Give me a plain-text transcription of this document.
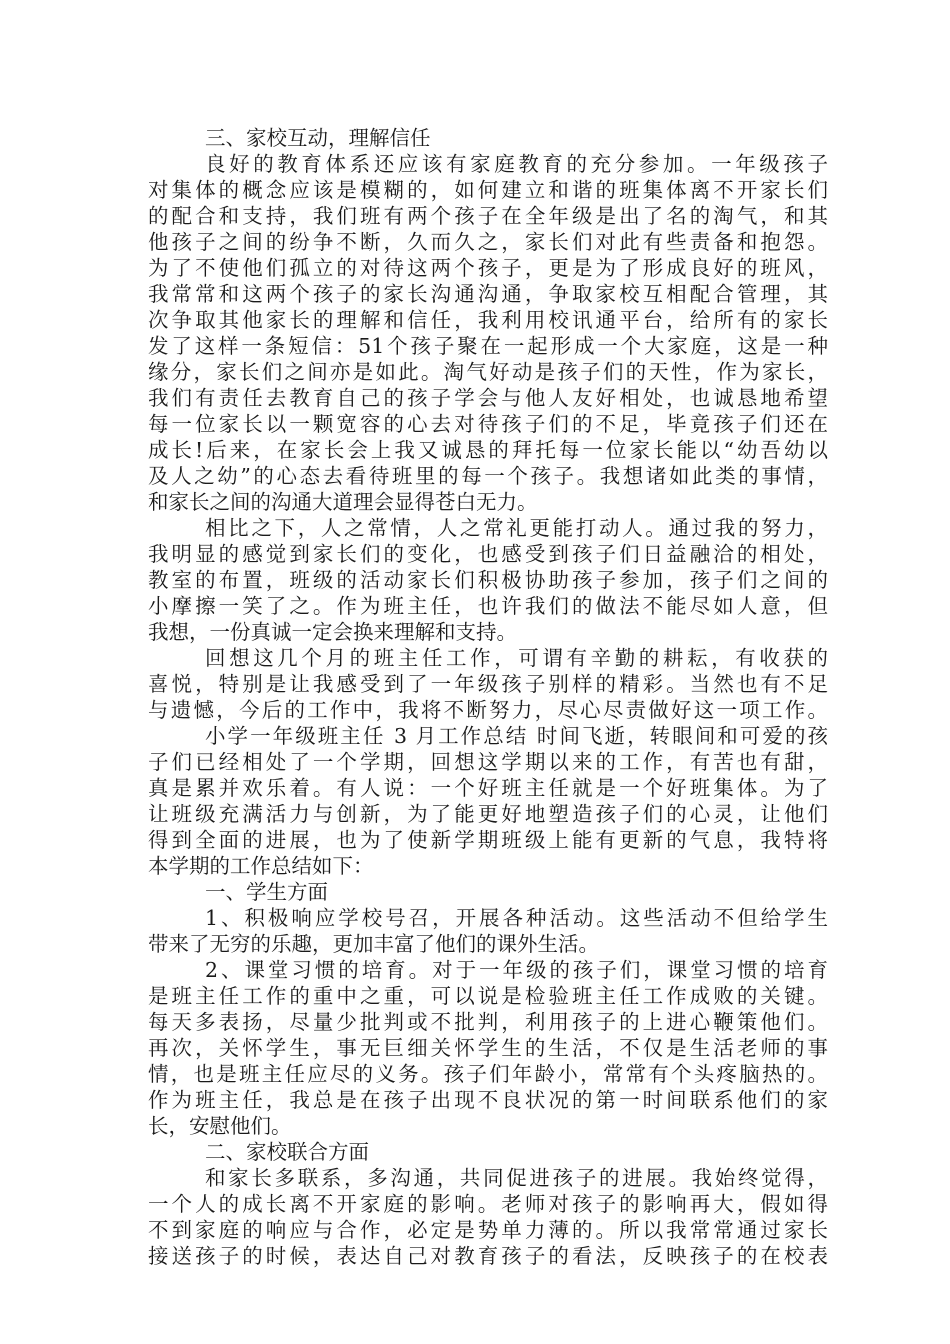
三、家校互动，理解信任
良好的教育体系还应该有家庭教育的充分参加。一年级孩子
对集体的概念应该是模糊的，如何建立和谐的班集体离不开家长们
的配合和支持，我们班有两个孩子在全年级是出了名的淘气，和其
他孩子之间的纷争不断，久而久之，家长们对此有些责备和抱怨。
为了不使他们孤立的对待这两个孩子，更是为了形成良好的班风，
我常常和这两个孩子的家长沟通沟通，争取家校互相配合管理，其
次争取其他家长的理解和信任，我利用校讯通平台，给所有的家长
发了这样一条短信：51个孩子聚在一起形成一个大家庭，这是一种
缘分，家长们之间亦是如此。淘气好动是孩子们的天性，作为家长，
我们有责任去教育自己的孩子学会与他人友好相处，也诚恳地希望
每一位家长以一颗宽容的心去对待孩子们的不足，毕竟孩子们还在
成长!后来，在家长会上我又诚恳的拜托每一位家长能以“幼吾幼以
及人之幼”的心态去看待班里的每一个孩子。我想诸如此类的事情，
和家长之间的沟通大道理会显得苍白无力。
相比之下，人之常情，人之常礼更能打动人。通过我的努力，
我明显的感觉到家长们的变化，也感受到孩子们日益融洽的相处，
教室的布置，班级的活动家长们积极协助孩子参加，孩子们之间的
小摩擦一笑了之。作为班主任，也许我们的做法不能尽如人意，但
我想，一份真诚一定会换来理解和支持。
回想这几个月的班主任工作，可谓有辛勤的耕耘，有收获的
喜悦，特别是让我感受到了一年级孩子别样的精彩。当然也有不足
与遗憾，今后的工作中，我将不断努力，尽心尽责做好这一项工作。
小学一年级班主任 3 月工作总结 时间飞逝，转眼间和可爱的孩
子们已经相处了一个学期，回想这学期以来的工作，有苦也有甜，
真是累并欢乐着。有人说：一个好班主任就是一个好班集体。为了
让班级充满活力与创新，为了能更好地塑造孩子们的心灵，让他们
得到全面的进展，也为了使新学期班级上能有更新的气息，我特将
本学期的工作总结如下：
一、学生方面
1、积极响应学校号召，开展各种活动。这些活动不但给学生
带来了无穷的乐趣，更加丰富了他们的课外生活。
2、课堂习惯的培育。对于一年级的孩子们，课堂习惯的培育
是班主任工作的重中之重，可以说是检验班主任工作成败的关键。
每天多表扬，尽量少批判或不批判，利用孩子的上进心鞭策他们。
再次，关怀学生，事无巨细关怀学生的生活，不仅是生活老师的事
情，也是班主任应尽的义务。孩子们年龄小，常常有个头疼脑热的。
作为班主任，我总是在孩子出现不良状况的第一时间联系他们的家
长，安慰他们。
二、家校联合方面
和家长多联系，多沟通，共同促进孩子的进展。我始终觉得，
一个人的成长离不开家庭的影响。老师对孩子的影响再大，假如得
不到家庭的响应与合作，必定是势单力薄的。所以我常常通过家长
接送孩子的时候，表达自己对教育孩子的看法，反映孩子的在校表
